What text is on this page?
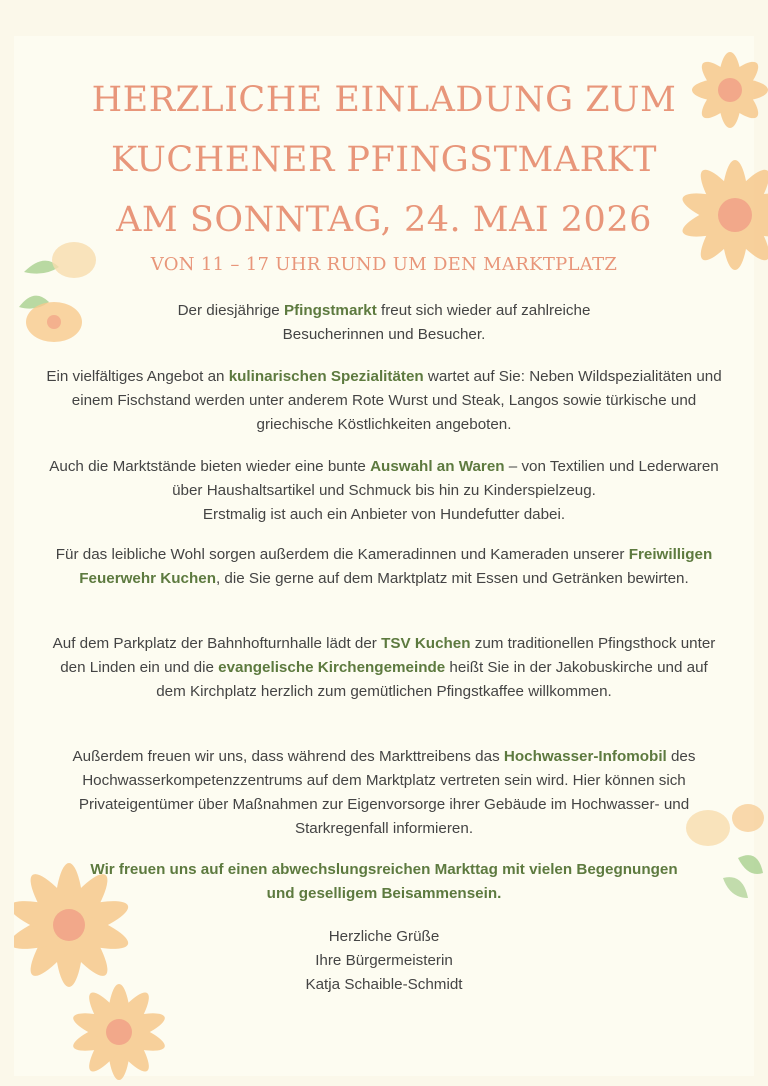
HERZLICHE EINLADUNG ZUM
KUCHENER PFINGSTMARKT
AM SONNTAG, 24. MAI 2026
VON 11 – 17 UHR RUND UM DEN MARKTPLATZ
Der diesjährige Pfingstmarkt freut sich wieder auf zahlreiche
Besucherinnen und Besucher.
Ein vielfältiges Angebot an kulinarischen Spezialitäten wartet auf Sie: Neben Wildspezialitäten und einem Fischstand werden unter anderem Rote Wurst und Steak, Langos sowie türkische und griechische Köstlichkeiten angeboten.
Auch die Marktstände bieten wieder eine bunte Auswahl an Waren – von Textilien und Lederwaren über Haushaltsartikel und Schmuck bis hin zu Kinderspielzeug.
Erstmalig ist auch ein Anbieter von Hundefutter dabei.
Für das leibliche Wohl sorgen außerdem die Kameradinnen und Kameraden unserer Freiwilligen Feuerwehr Kuchen, die Sie gerne auf dem Marktplatz mit Essen und Getränken bewirten.
Auf dem Parkplatz der Bahnhofturnhalle lädt der TSV Kuchen zum traditionellen Pfingsthock unter den Linden ein und die evangelische Kirchengemeinde heißt Sie in der Jakobuskirche und auf dem Kirchplatz herzlich zum gemütlichen Pfingstkaffee willkommen.
Außerdem freuen wir uns, dass während des Markttreibens das Hochwasser-Infomobil des Hochwasserkompetenzzentrums auf dem Marktplatz vertreten sein wird. Hier können sich Privateigentümer über Maßnahmen zur Eigenvorsorge ihrer Gebäude im Hochwasser- und Starkregenfall informieren.
Wir freuen uns auf einen abwechslungsreichen Markttag mit vielen Begegnungen und geselligem Beisammensein.
Herzliche Grüße
Ihre Bürgermeisterin
Katja Schaible-Schmidt
